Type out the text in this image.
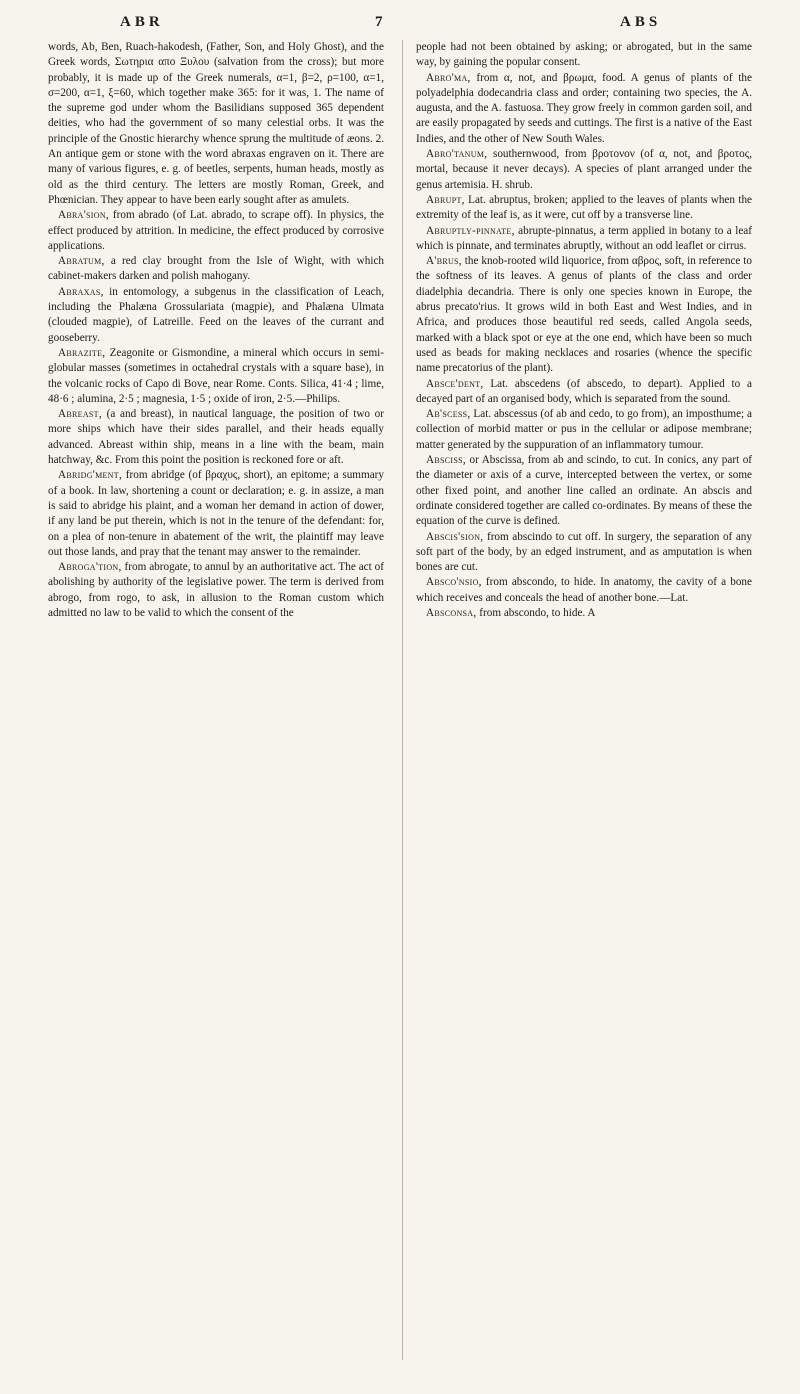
ABR	7	ABS

words, Ab, Ben, Ruach-hakodesh, (Father, Son, and Holy Ghost), and the Greek words, Σωτηρια απο Ξυλου (salvation from the cross); but more probably, it is made up of the Greek numerals, α=1, β=2, ρ=100, α=1, σ=200, α=1, ξ=60, which together make 365: for it was, 1. The name of the supreme god under whom the Basilidians supposed 365 dependent deities, who had the government of so many celestial orbs. It was the principle of the Gnostic hierarchy whence sprung the multitude of æons. 2. An antique gem or stone with the word abraxas engraven on it. There are many of various figures, e. g. of beetles, serpents, human heads, mostly as old as the third century. The letters are mostly Roman, Greek, and Phœnician. They appear to have been early sought after as amulets.

Abra'sion, from abrado (of Lat. abrado, to scrape off). In physics, the effect produced by attrition. In medicine, the effect produced by corrosive applications.

Abratum, a red clay brought from the Isle of Wight, with which cabinet-makers darken and polish mahogany.

Abraxas, in entomology, a subgenus in the classification of Leach, including the Phalæna Grossulariata (magpie), and Phalæna Ulmata (clouded magpie), of Latreille. Feed on the leaves of the currant and gooseberry.

Abrazite, Zeagonite or Gismondine, a mineral which occurs in semi-globular masses (sometimes in octahedral crystals with a square base), in the volcanic rocks of Capo di Bove, near Rome. Conts. Silica, 41·4 ; lime, 48·6 ; alumina, 2·5 ; magnesia, 1·5 ; oxide of iron, 2·5.—Philips.

Abreast, (a and breast), in nautical language, the position of two or more ships which have their sides parallel, and their heads equally advanced. Abreast within ship, means in a line with the beam, main hatchway, &c. From this point the position is reckoned fore or aft.

Abridg'ment, from abridge (of βραχυς, short), an epitome; a summary of a book. In law, shortening a count or declaration; e. g. in assize, a man is said to abridge his plaint, and a woman her demand in action of dower, if any land be put therein, which is not in the tenure of the defendant: for, on a plea of non-tenure in abatement of the writ, the plaintiff may leave out those lands, and pray that the tenant may answer to the remainder.

Abroga'tion, from abrogate, to annul by an authoritative act. The act of abolishing by authority of the legislative power. The term is derived from abrogo, from rogo, to ask, in allusion to the Roman custom which admitted no law to be valid to which the consent of the

people had not been obtained by asking; or abrogated, but in the same way, by gaining the popular consent.

Abro'ma, from α, not, and βρωμα, food. A genus of plants of the polyadelphia dodecandria class and order; containing two species, the A. augusta, and the A. fastuosa. They grow freely in common garden soil, and are easily propagated by seeds and cuttings. The first is a native of the East Indies, and the other of New South Wales.

Abro'tanum, southernwood, from βροτονον (of α, not, and βροτος, mortal, because it never decays). A species of plant arranged under the genus artemisia. H. shrub.

Abrupt, Lat. abruptus, broken; applied to the leaves of plants when the extremity of the leaf is, as it were, cut off by a transverse line.

Abruptly-pinnate, abrupte-pinnatus, a term applied in botany to a leaf which is pinnate, and terminates abruptly, without an odd leaflet or cirrus.

A'brus, the knob-rooted wild liquorice, from αβρος, soft, in reference to the softness of its leaves. A genus of plants of the class and order diadelphia decandria. There is only one species known in Europe, the abrus precato'rius. It grows wild in both East and West Indies, and in Africa, and produces those beautiful red seeds, called Angola seeds, marked with a black spot or eye at the one end, which have been so much used as beads for making necklaces and rosaries (whence the specific name precatorius of the plant).

Absce'dent, Lat. abscedens (of abscedo, to depart). Applied to a decayed part of an organised body, which is separated from the sound.

Ab'scess, Lat. abscessus (of ab and cedo, to go from), an imposthume; a collection of morbid matter or pus in the cellular or adipose membrane; matter generated by the suppuration of an inflammatory tumour.

Absciss, or Abscissa, from ab and scindo, to cut. In conics, any part of the diameter or axis of a curve, intercepted between the vertex, or some other fixed point, and another line called an ordinate. An abscis and ordinate considered together are called co-ordinates. By means of these the equation of the curve is defined.

Abscis'sion, from abscindo to cut off. In surgery, the separation of any soft part of the body, by an edged instrument, and as amputation is when bones are cut.

Absco'nsio, from abscondo, to hide. In anatomy, the cavity of a bone which receives and conceals the head of another bone.—Lat.

Absconsa, from abscondo, to hide. A
